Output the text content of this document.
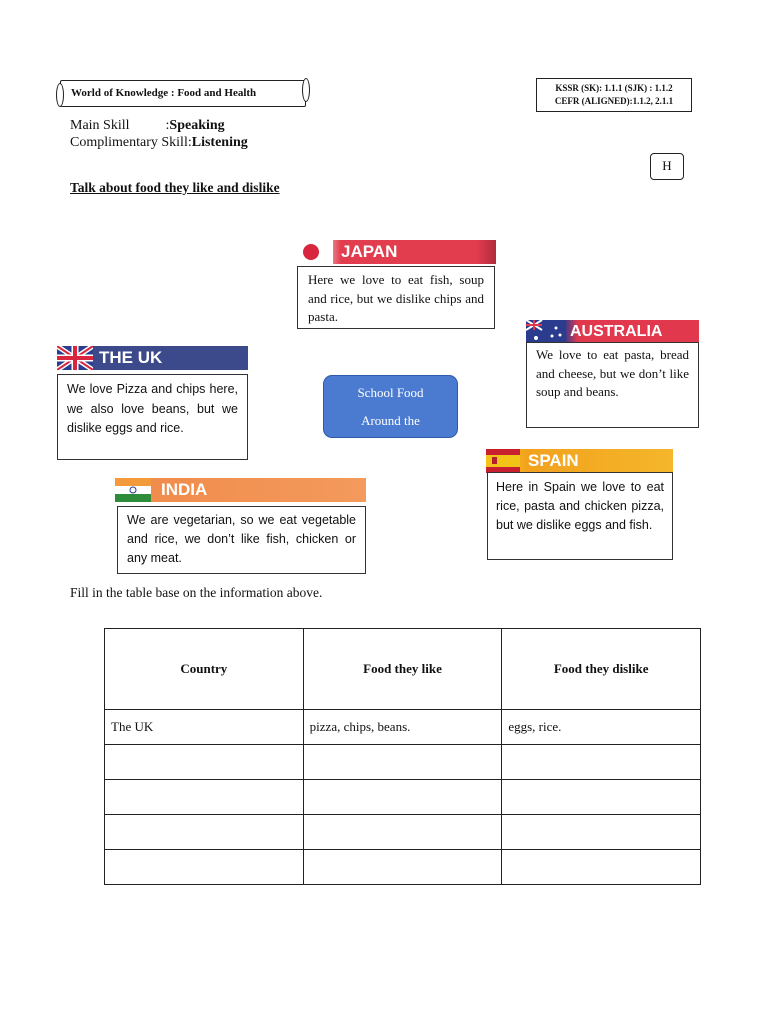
World of Knowledge : Food and Health	KSSR (SK): 1.1.1 (SJK) : 1.1.2
CEFR (ALIGNED):1.1.2, 2.1.1
Main Skill	:Speaking
Complimentary Skill:Listening
H
Talk about food they like and dislike
JAPAN
Here we love to eat fish, soup and rice, but we dislike chips and pasta.
AUSTRALIA
We love to eat pasta, bread and cheese, but we don’t like soup and beans.
THE UK
We love Pizza and chips here, we also love beans, but we dislike eggs and rice.
School Food
Around the
SPAIN
Here in Spain we love to eat rice, pasta and chicken pizza, but we dislike eggs and fish.
INDIA
We are vegetarian, so we eat vegetable and rice, we don’t like fish, chicken or any meat.
Fill in the table base on the information above.
Country	Food they like	Food they dislike
The UK	pizza, chips, beans.	eggs, rice.
